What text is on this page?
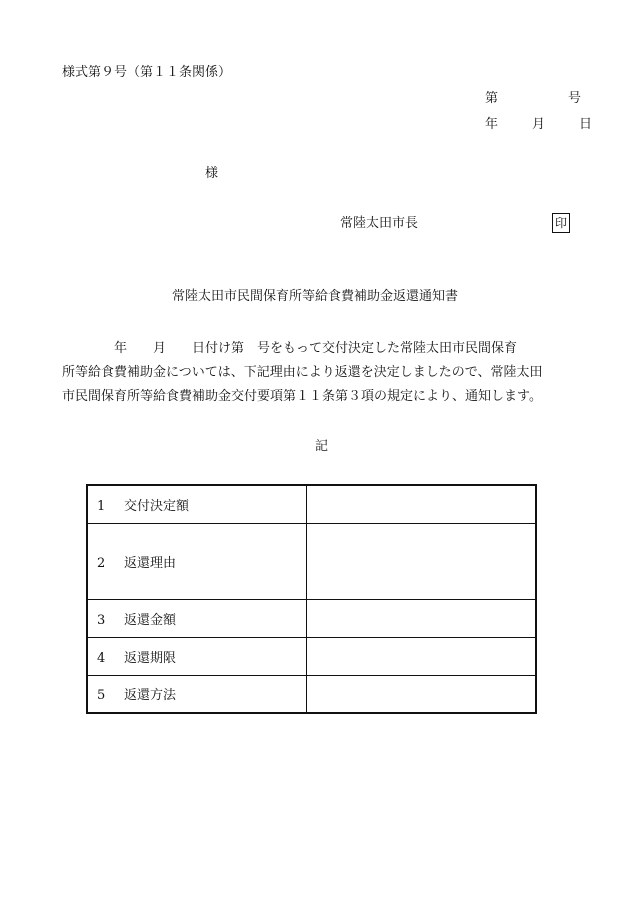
様式第９号（第１１条関係）
第	号
年	月	日
様
常陸太田市長	印
常陸太田市民間保育所等給食費補助金返還通知書
　　　　年　　月　　日付け第　号をもって交付決定した常陸太田市民間保育
所等給食費補助金については、下記理由により返還を決定しましたので、常陸太田
市民間保育所等給食費補助金交付要項第１１条第３項の規定により、通知します。
記
1 交付決定額	
2 返還理由	
3 返還金額	
4 返還期限	
5 返還方法	
